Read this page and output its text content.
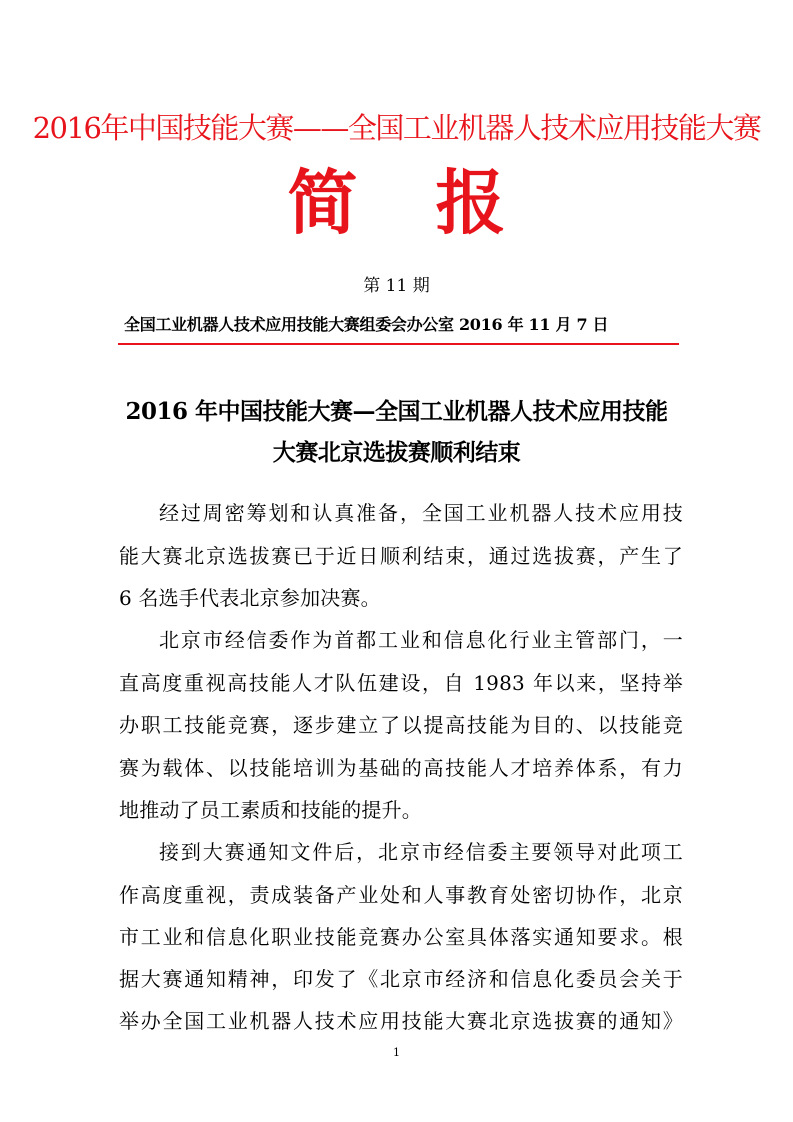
2016年中国技能大赛——全国工业机器人技术应用技能大赛
简 报
第 11 期
全国工业机器人技术应用技能大赛组委会办公室 2016 年 11 月 7 日
2016 年中国技能大赛—全国工业机器人技术应用技能
大赛北京选拔赛顺利结束
经过周密筹划和认真准备，全国工业机器人技术应用技
能大赛北京选拔赛已于近日顺利结束，通过选拔赛，产生了
6 名选手代表北京参加决赛。
北京市经信委作为首都工业和信息化行业主管部门，一
直高度重视高技能人才队伍建设，自 1983 年以来，坚持举
办职工技能竞赛，逐步建立了以提高技能为目的、以技能竞
赛为载体、以技能培训为基础的高技能人才培养体系，有力
地推动了员工素质和技能的提升。
接到大赛通知文件后，北京市经信委主要领导对此项工
作高度重视，责成装备产业处和人事教育处密切协作，北京
市工业和信息化职业技能竞赛办公室具体落实通知要求。根
据大赛通知精神，印发了《北京市经济和信息化委员会关于
举办全国工业机器人技术应用技能大赛北京选拔赛的通知》
1
